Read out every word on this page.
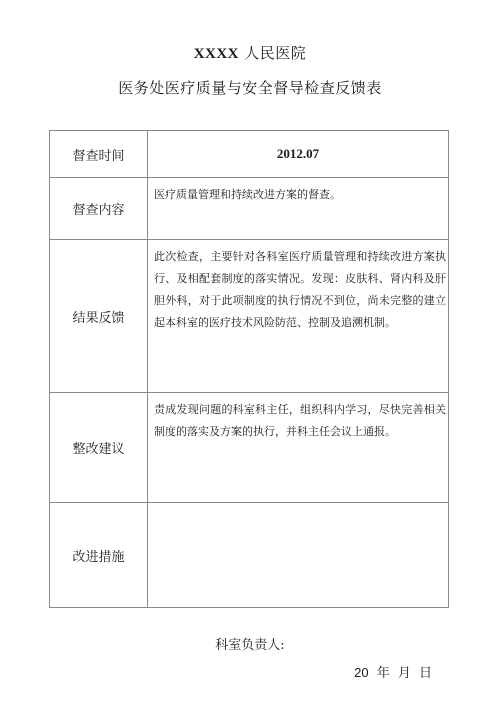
XXXX 人民医院
医务处医疗质量与安全督导检查反馈表
督查时间	2012.07
督查内容	医疗质量管理和持续改进方案的督查。
结果反馈	此次检查，主要针对各科室医疗质量管理和持续改进方案执行、及相配套制度的落实情况。发现：皮肤科、肾内科及肝胆外科，对于此项制度的执行情况不到位，尚未完整的建立起本科室的医疗技术风险防范、控制及追溯机制。
整改建议	责成发现问题的科室科主任，组织科内学习，尽快完善相关制度的落实及方案的执行，并科主任会议上通报。
改进措施	
科室负责人:
20 年 月 日
